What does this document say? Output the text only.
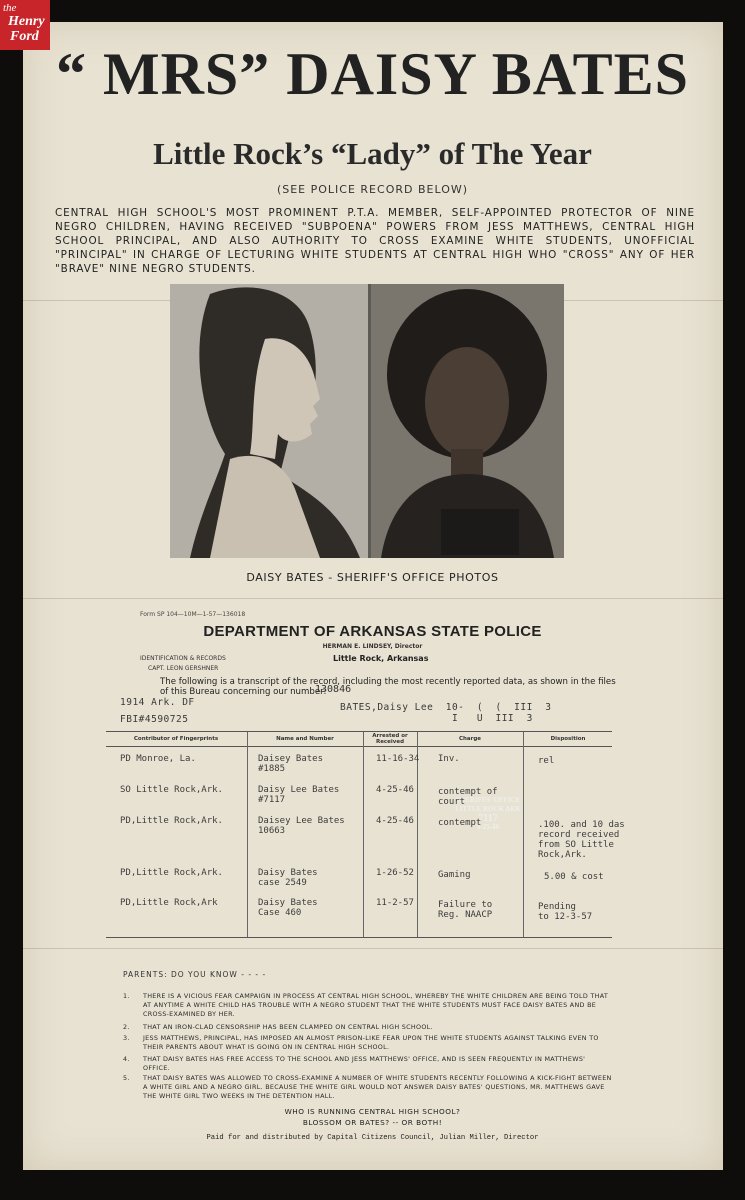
the
Henry
Ford
“ MRS” DAISY BATES
Little Rock’s “Lady” of The Year
(SEE POLICE RECORD BELOW)
CENTRAL HIGH SCHOOL'S MOST PROMINENT P.T.A. MEMBER, SELF-APPOINTED PROTECTOR OF NINE NEGRO CHILDREN, HAVING RECEIVED "SUBPOENA" POWERS FROM JESS MATTHEWS, CENTRAL HIGH SCHOOL PRINCIPAL, AND ALSO AUTHORITY TO CROSS EXAMINE WHITE STUDENTS, UNOFFICIAL "PRINCIPAL" IN CHARGE OF LECTURING WHITE STUDENTS AT CENTRAL HIGH WHO "CROSS" ANY OF HER "BRAVE" NINE NEGRO STUDENTS.
SHERIFFS' OFFICE
LITTLE ROCK ARK
7117
4-25-46
DAISY BATES - SHERIFF'S OFFICE PHOTOS
Form SP 104—10M—1-57—136018
DEPARTMENT OF ARKANSAS STATE POLICE
HERMAN E. LINDSEY, Director
IDENTIFICATION & RECORDS
CAPT. LEON GERSHNER
Little Rock, Arkansas
The following is a transcript of the record, including the most recently reported data, as shown in the files of this Bureau concerning our number:
130846
1914 Ark. DF
FBI#4590725
BATES,Daisy Lee  10-  (  (  III  3
I   U  III  3
Contributor of Fingerprints	Name and Number	Arrested or Received	Charge	Disposition
PD Monroe, La.	Daisey Bates
#1885
11-16-34 Inv.	rel
SO Little Rock,Ark.	Daisy Lee Bates
#7117
4-25-46	contempt of
court
PD,Little Rock,Ark.	Daisey Lee Bates
10663
4-25-46	contempt	.100. and 10 das
record received
from SO Little
Rock,Ark.
PD,Little Rock,Ark.	Daisy Bates
case 2549
1-26-52	Gaming	5.00 & cost
PD,Little Rock,Ark	Daisy Bates
Case 460
11-2-57	Failure to
Reg. NAACP
Pending
to 12-3-57
PARENTS: DO YOU KNOW - - - -
1. THERE IS A VICIOUS FEAR CAMPAIGN IN PROCESS AT CENTRAL HIGH SCHOOL, WHEREBY THE WHITE CHILDREN ARE BEING TOLD THAT AT ANYTIME A WHITE CHILD HAS TROUBLE WITH A NEGRO STUDENT THAT THE WHITE STUDENTS MUST FACE DAISY BATES AND BE CROSS-EXAMINED BY HER.
2. THAT AN IRON-CLAD CENSORSHIP HAS BEEN CLAMPED ON CENTRAL HIGH SCHOOL.
3. JESS MATTHEWS, PRINCIPAL, HAS IMPOSED AN ALMOST PRISON-LIKE FEAR UPON THE WHITE STUDENTS AGAINST TALKING EVEN TO THEIR PARENTS ABOUT WHAT IS GOING ON IN CENTRAL HIGH SCHOOL.
4. THAT DAISY BATES HAS FREE ACCESS TO THE SCHOOL AND JESS MATTHEWS' OFFICE, AND IS SEEN FREQUENTLY IN MATTHEWS' OFFICE.
5. THAT DAISY BATES WAS ALLOWED TO CROSS-EXAMINE A NUMBER OF WHITE STUDENTS RECENTLY FOLLOWING A KICK-FIGHT BETWEEN A WHITE GIRL AND A NEGRO GIRL. BECAUSE THE WHITE GIRL WOULD NOT ANSWER DAISY BATES' QUESTIONS, MR. MATTHEWS GAVE THE WHITE GIRL TWO WEEKS IN THE DETENTION HALL.
WHO IS RUNNING CENTRAL HIGH SCHOOL?
BLOSSOM OR BATES? -- OR BOTH!
Paid for and distributed by Capital Citizens Council, Julian Miller, Director
